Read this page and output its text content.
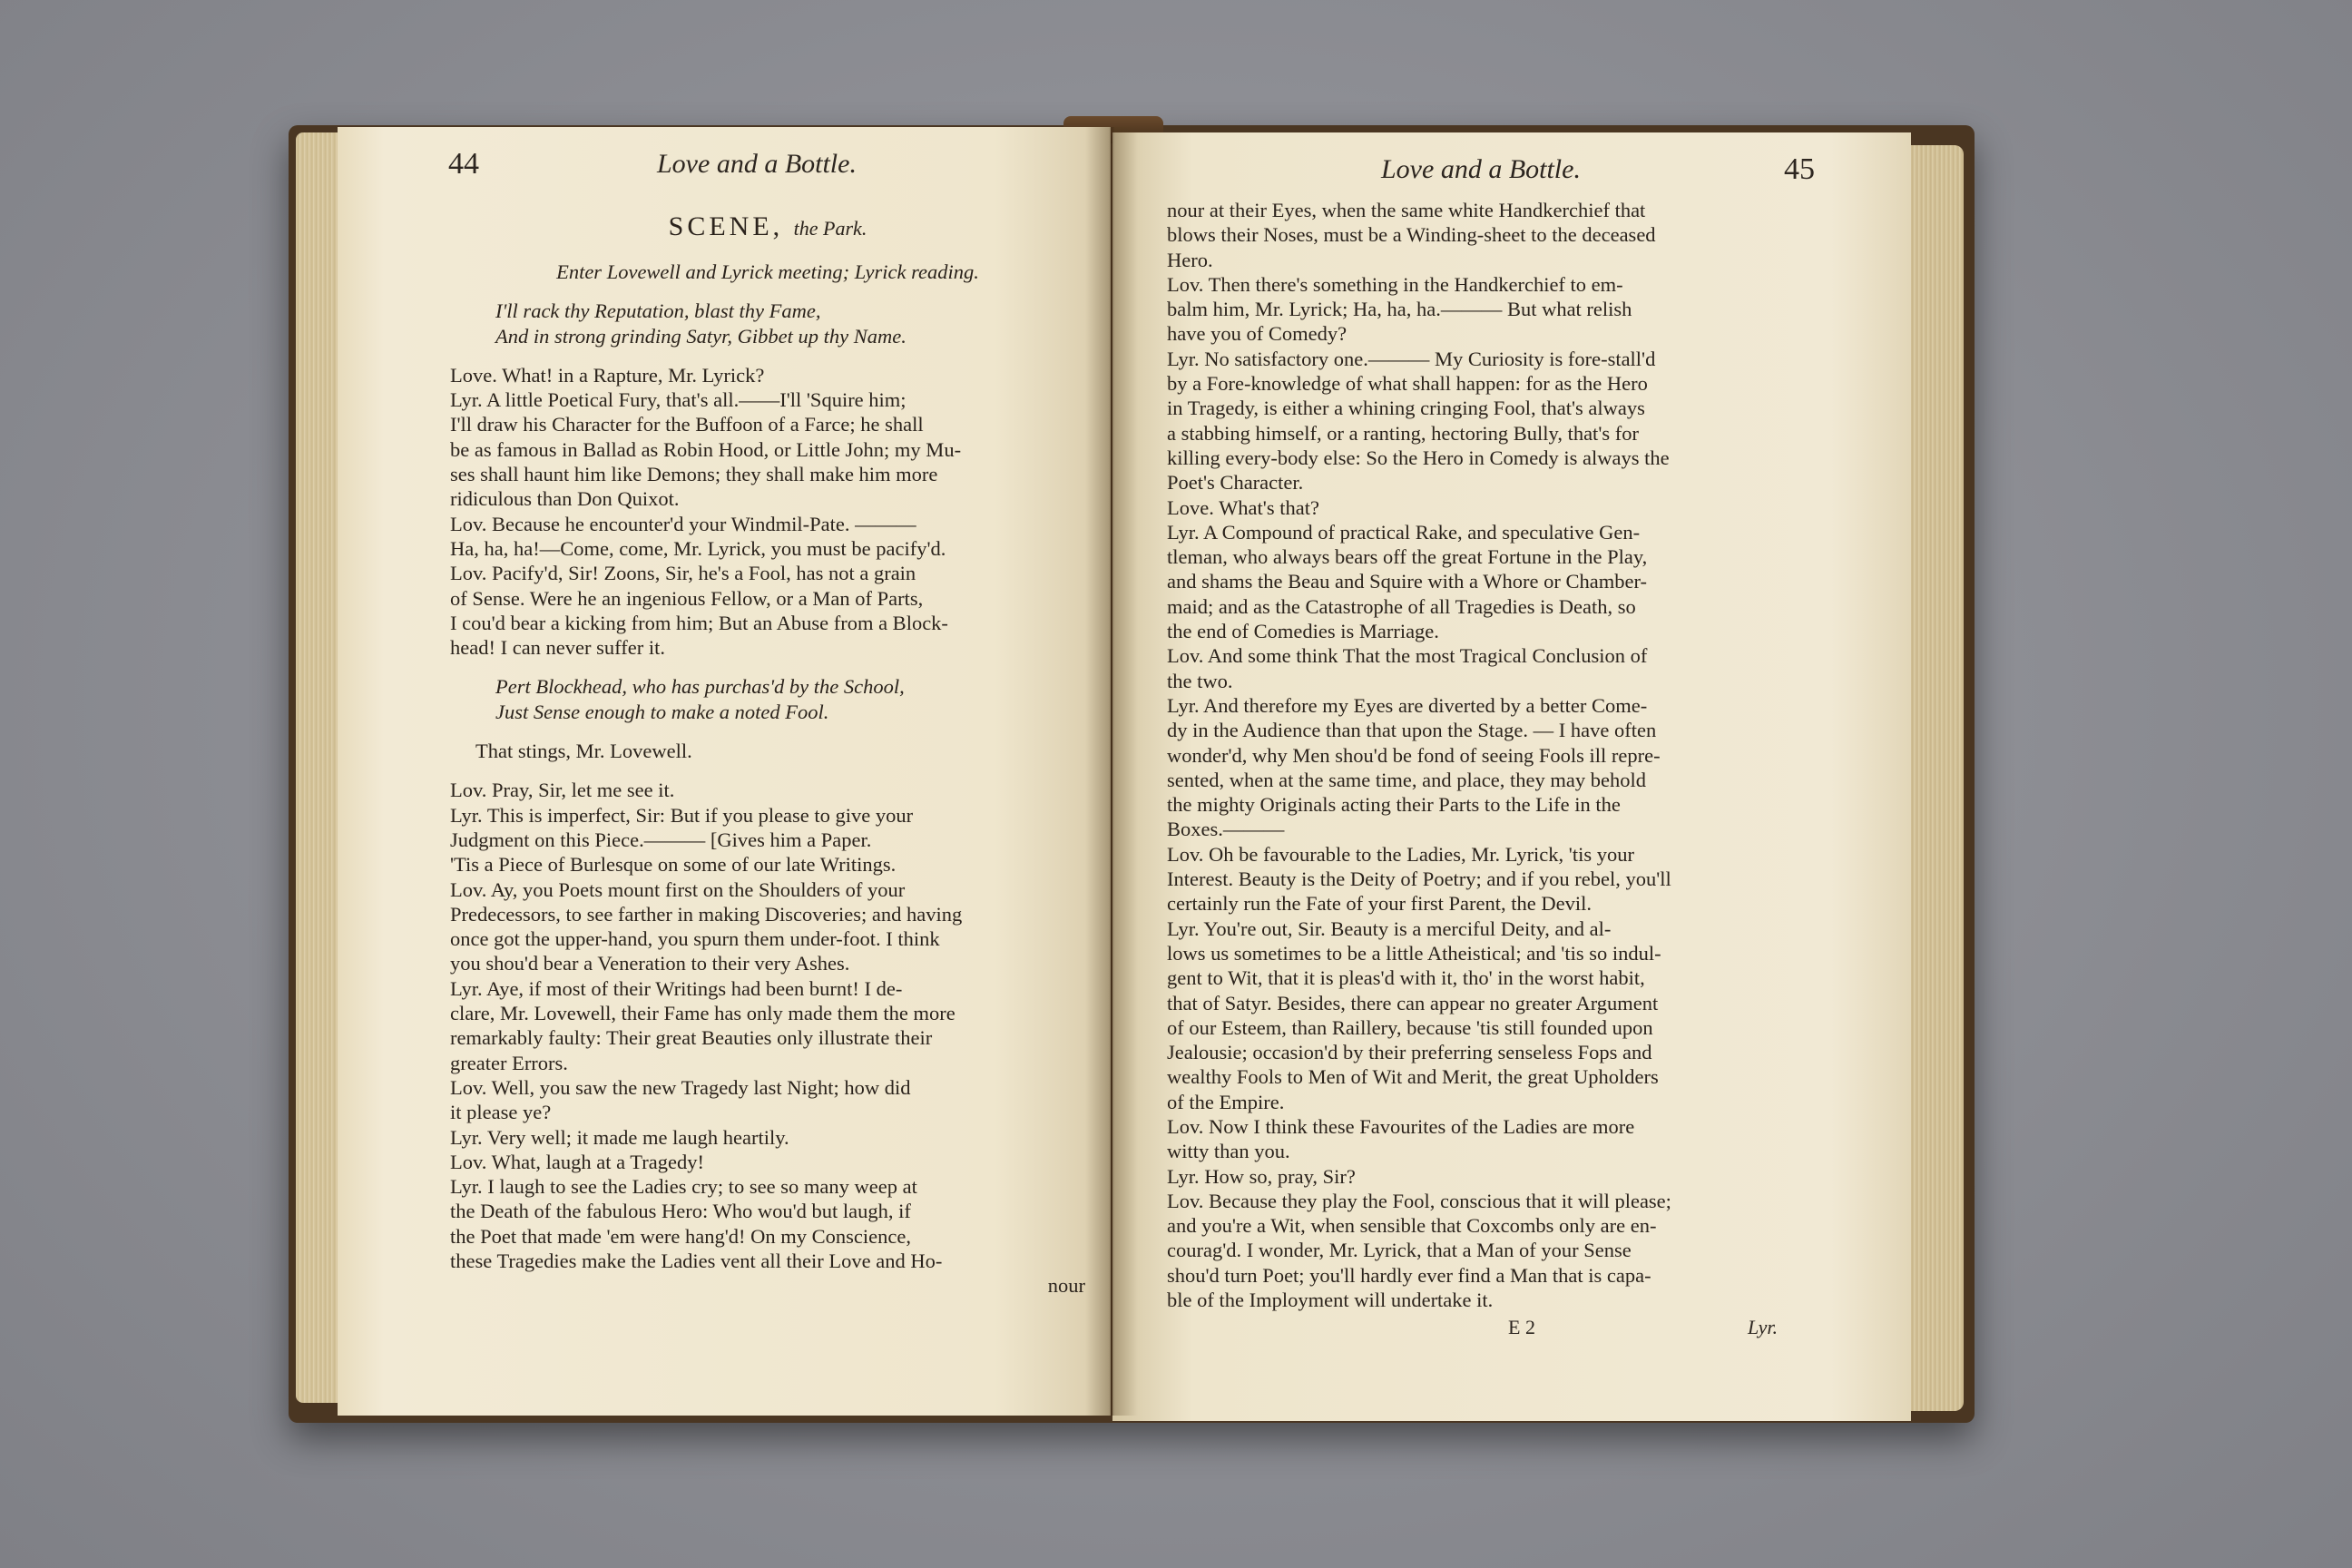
44	Love and a Bottle.
SCENE, the Park.
Enter Lovewell and Lyrick meeting; Lyrick reading.
I'll rack thy Reputation, blast thy Fame,
And in strong grinding Satyr, Gibbet up thy Name.
Love. What! in a Rapture, Mr. Lyrick?
Lyr. A little Poetical Fury, that's all.——I'll 'Squire him;
I'll draw his Character for the Buffoon of a Farce; he shall
be as famous in Ballad as Robin Hood, or Little John; my Mu-
ses shall haunt him like Demons; they shall make him more
ridiculous than Don Quixot.
Lov. Because he encounter'd your Windmil-Pate. ———
Ha, ha, ha!—Come, come, Mr. Lyrick, you must be pacify'd.
Lov. Pacify'd, Sir! Zoons, Sir, he's a Fool, has not a grain
of Sense. Were he an ingenious Fellow, or a Man of Parts,
I cou'd bear a kicking from him; But an Abuse from a Block-
head! I can never suffer it.
Pert Blockhead, who has purchas'd by the School,
Just Sense enough to make a noted Fool.
That stings, Mr. Lovewell.
Lov. Pray, Sir, let me see it.
Lyr. This is imperfect, Sir: But if you please to give your
Judgment on this Piece.——— [Gives him a Paper.
'Tis a Piece of Burlesque on some of our late Writings.
Lov. Ay, you Poets mount first on the Shoulders of your
Predecessors, to see farther in making Discoveries; and having
once got the upper-hand, you spurn them under-foot. I think
you shou'd bear a Veneration to their very Ashes.
Lyr. Aye, if most of their Writings had been burnt! I de-
clare, Mr. Lovewell, their Fame has only made them the more
remarkably faulty: Their great Beauties only illustrate their
greater Errors.
Lov. Well, you saw the new Tragedy last Night; how did
it please ye?
Lyr. Very well; it made me laugh heartily.
Lov. What, laugh at a Tragedy!
Lyr. I laugh to see the Ladies cry; to see so many weep at
the Death of the fabulous Hero: Who wou'd but laugh, if
the Poet that made 'em were hang'd! On my Conscience,
these Tragedies make the Ladies vent all their Love and Ho-
nour
Love and a Bottle.	45
nour at their Eyes, when the same white Handkerchief that
blows their Noses, must be a Winding-sheet to the deceased
Hero.
Lov. Then there's something in the Handkerchief to em-
balm him, Mr. Lyrick; Ha, ha, ha.——— But what relish
have you of Comedy?
Lyr. No satisfactory one.——— My Curiosity is fore-stall'd
by a Fore-knowledge of what shall happen: for as the Hero
in Tragedy, is either a whining cringing Fool, that's always
a stabbing himself, or a ranting, hectoring Bully, that's for
killing every-body else: So the Hero in Comedy is always the
Poet's Character.
Love. What's that?
Lyr. A Compound of practical Rake, and speculative Gen-
tleman, who always bears off the great Fortune in the Play,
and shams the Beau and Squire with a Whore or Chamber-
maid; and as the Catastrophe of all Tragedies is Death, so
the end of Comedies is Marriage.
Lov. And some think That the most Tragical Conclusion of
the two.
Lyr. And therefore my Eyes are diverted by a better Come-
dy in the Audience than that upon the Stage. — I have often
wonder'd, why Men shou'd be fond of seeing Fools ill repre-
sented, when at the same time, and place, they may behold
the mighty Originals acting their Parts to the Life in the
Boxes.———
Lov. Oh be favourable to the Ladies, Mr. Lyrick, 'tis your
Interest. Beauty is the Deity of Poetry; and if you rebel, you'll
certainly run the Fate of your first Parent, the Devil.
Lyr. You're out, Sir. Beauty is a merciful Deity, and al-
lows us sometimes to be a little Atheistical; and 'tis so indul-
gent to Wit, that it is pleas'd with it, tho' in the worst habit,
that of Satyr. Besides, there can appear no greater Argument
of our Esteem, than Raillery, because 'tis still founded upon
Jealousie; occasion'd by their preferring senseless Fops and
wealthy Fools to Men of Wit and Merit, the great Upholders
of the Empire.
Lov. Now I think these Favourites of the Ladies are more
witty than you.
Lyr. How so, pray, Sir?
Lov. Because they play the Fool, conscious that it will please;
and you're a Wit, when sensible that Coxcombs only are en-
courag'd. I wonder, Mr. Lyrick, that a Man of your Sense
shou'd turn Poet; you'll hardly ever find a Man that is capa-
ble of the Imployment will undertake it.
E 2	Lyr.
